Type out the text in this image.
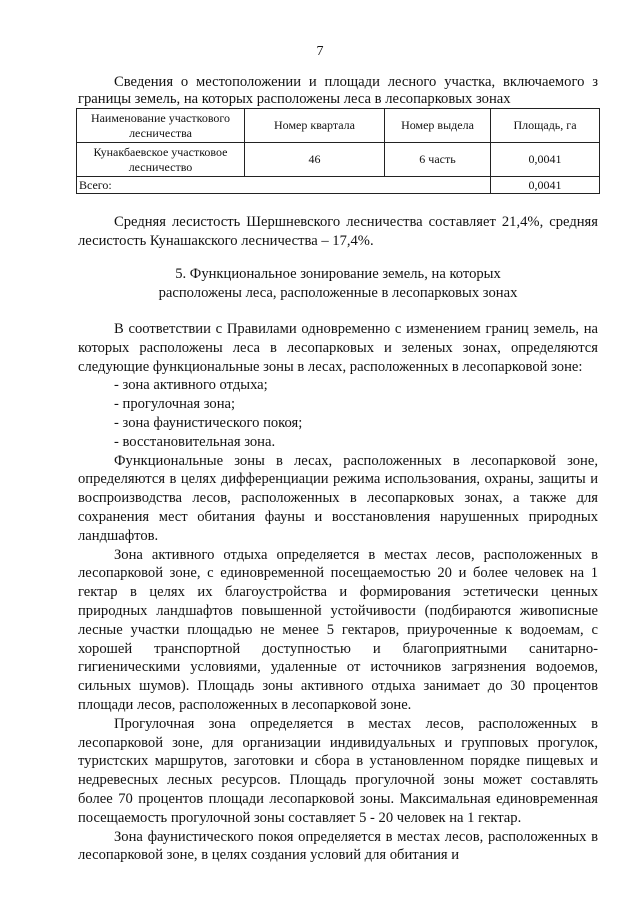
7
Сведения о местоположении и площади лесного участка, включаемого з
границы земель, на которых расположены леса в лесопарковых зонах
Наименование участкового лесничества	Номер квартала	Номер выдела	Площадь, га
Кунакбаевское участковое лесничество	46	6 часть	0,0041
Всего:			0,0041

Средняя лесистость Шершневского лесничества составляет 21,4%, средняя лесистость Кунашакского лесничества – 17,4%.

5. Функциональное зонирование земель, на которых
расположены леса, расположенные в лесопарковых зонах

В соответствии с Правилами одновременно с изменением границ земель, на которых расположены леса в лесопарковых и зеленых зонах, определяются следующие функциональные зоны в лесах, расположенных в лесопарковой зоне:

- зона активного отдыха;
- прогулочная зона;
- зона фаунистического покоя;
- восстановительная зона.

Функциональные зоны в лесах, расположенных в лесопарковой зоне, определяются в целях дифференциации режима использования, охраны, защиты и воспроизводства лесов, расположенных в лесопарковых зонах, а также для сохранения мест обитания фауны и восстановления нарушенных природных ландшафтов.

Зона активного отдыха определяется в местах лесов, расположенных в лесопарковой зоне, с единовременной посещаемостью 20 и более человек на 1 гектар в целях их благоустройства и формирования эстетически ценных природных ландшафтов повышенной устойчивости (подбираются живописные лесные участки площадью не менее 5 гектаров, приуроченные к водоемам, с хорошей транспортной доступностью и благоприятными санитарно-гигиеническими условиями, удаленные от источников загрязнения водоемов, сильных шумов). Площадь зоны активного отдыха занимает до 30 процентов площади лесов, расположенных в лесопарковой зоне.

Прогулочная зона определяется в местах лесов, расположенных в лесопарковой зоне, для организации индивидуальных и групповых прогулок, туристских маршрутов, заготовки и сбора в установленном порядке пищевых и недревесных лесных ресурсов. Площадь прогулочной зоны может составлять более 70 процентов площади лесопарковой зоны. Максимальная единовременная посещаемость прогулочной зоны составляет 5 - 20 человек на 1 гектар.

Зона фаунистического покоя определяется в местах лесов, расположенных в лесопарковой зоне, в целях создания условий для обитания и
